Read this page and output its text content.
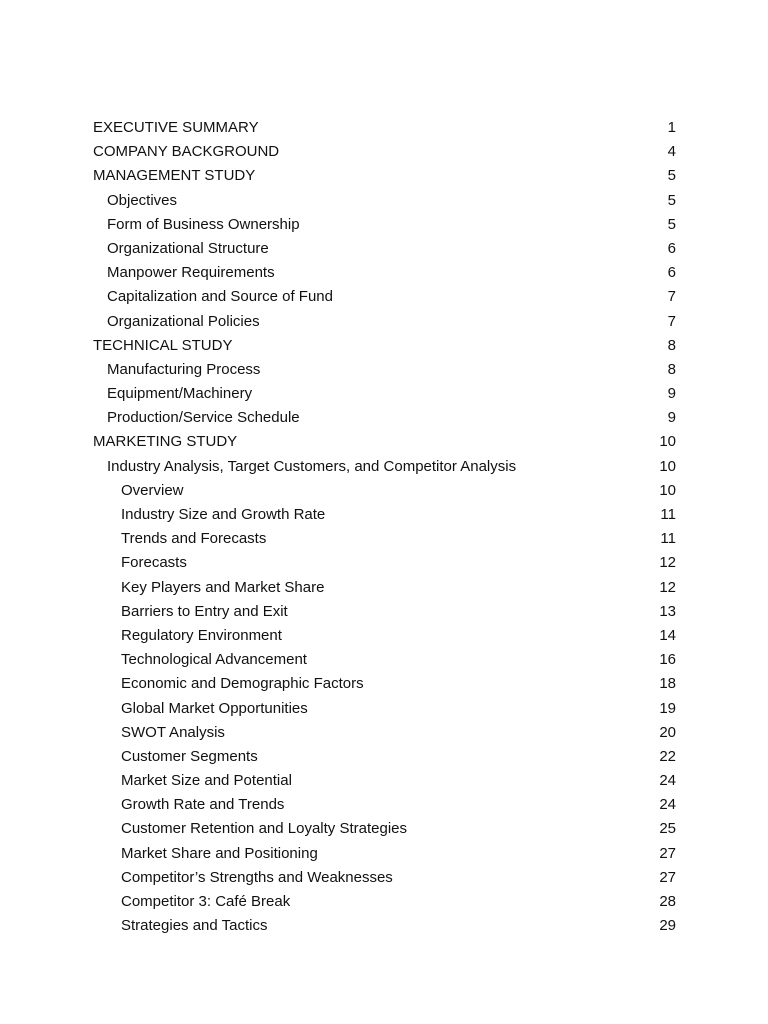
EXECUTIVE SUMMARY	1
COMPANY BACKGROUND	4
MANAGEMENT STUDY	5
Objectives	5
Form of Business Ownership	5
Organizational Structure	6
Manpower Requirements	6
Capitalization and Source of Fund	7
Organizational Policies	7
TECHNICAL STUDY	8
Manufacturing Process	8
Equipment/Machinery	9
Production/Service Schedule	9
MARKETING STUDY	10
Industry Analysis, Target Customers, and Competitor Analysis	10
Overview	10
Industry Size and Growth Rate	11
Trends and Forecasts	11
Forecasts	12
Key Players and Market Share	12
Barriers to Entry and Exit	13
Regulatory Environment	14
Technological Advancement	16
Economic and Demographic Factors	18
Global Market Opportunities	19
SWOT Analysis	20
Customer Segments	22
Market Size and Potential	24
Growth Rate and Trends	24
Customer Retention and Loyalty Strategies	25
Market Share and Positioning	27
Competitor’s Strengths and Weaknesses	27
Competitor 3: Café Break	28
Strategies and Tactics	29
